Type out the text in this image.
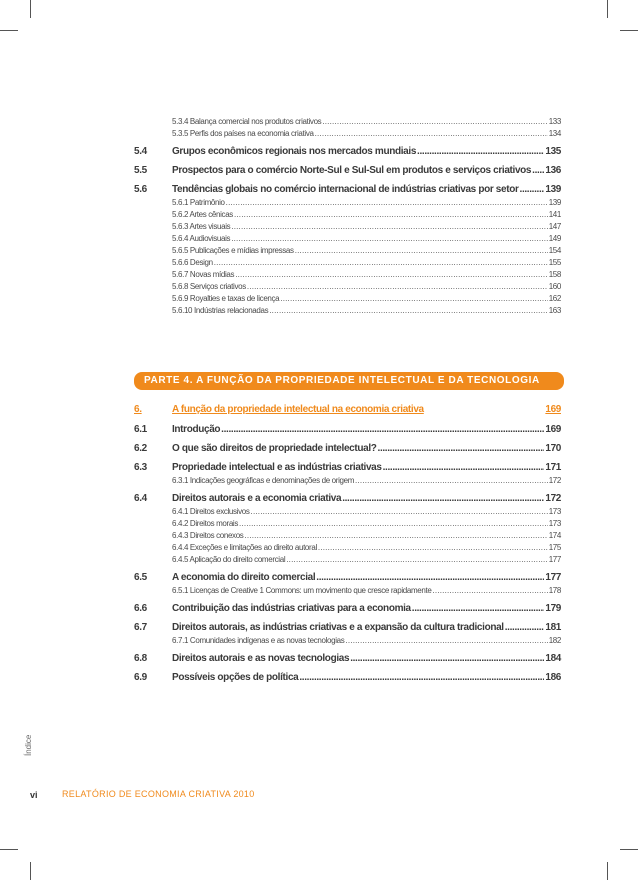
5.3.4 Balança comercial nos produtos criativos .....	133
5.3.5 Perfis dos países na economia criativa .....	134
5.4	Grupos econômicos regionais nos mercados mundiais .....	135
5.5	Prospectos para o comércio Norte-Sul e Sul-Sul em produtos e serviços criativos ..... 136
5.6	Tendências globais no comércio internacional de indústrias criativas por setor .....	139
5.6.1 Patrimônio .....	139
5.6.2 Artes cênicas .....	141
5.6.3 Artes visuais .....	147
5.6.4 Audiovisuais .....	149
5.6.5 Publicações e mídias impressas .....	154
5.6.6 Design .....	155
5.6.7 Novas mídias .....	158
5.6.8 Serviços criativos .....	160
5.6.9 Royalties e taxas de licença .....	162
5.6.10 Indústrias relacionadas .....	163
PARTE 4. A FUNÇÃO DA PROPRIEDADE INTELECTUAL E DA TECNOLOGIA
6.	A função da propriedade intelectual na economia criativa	169
6.1	Introdução .....	169
6.2	O que são direitos de propriedade intelectual? .....	170
6.3	Propriedade intelectual e as indústrias criativas .....	171
6.3.1 Indicações geográficas e denominações de origem .....	172
6.4	Direitos autorais e a economia criativa .....	172
6.4.1 Direitos exclusivos .....	173
6.4.2 Direitos morais .....	173
6.4.3 Direitos conexos .....	174
6.4.4 Exceções e limitações ao direito autoral .....	175
6.4.5 Aplicação do direito comercial .....	177
6.5	A economia do direito comercial .....	177
6.5.1 Licenças de Creative 1 Commons: um movimento que cresce rapidamente .....	178
6.6	Contribuição das indústrias criativas para a economia .....	179
6.7	Direitos autorais, as indústrias criativas e a expansão da cultura tradicional .....	181
6.7.1 Comunidades indígenas e as novas tecnologias .....	182
6.8	Direitos autorais e as novas tecnologias .....	184
6.9	Possíveis opções de política .....	186
Índice
vi	RELATÓRIO DE ECONOMIA CRIATIVA 2010
